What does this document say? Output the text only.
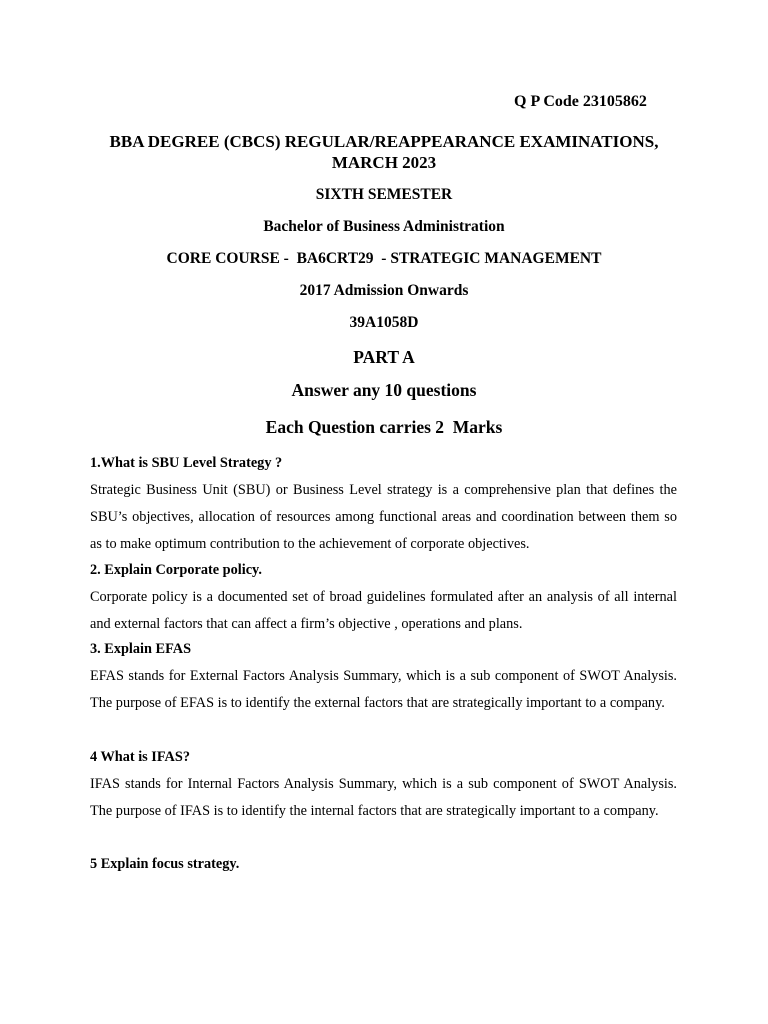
Q P Code 23105862
BBA DEGREE (CBCS) REGULAR/REAPPEARANCE EXAMINATIONS, MARCH 2023
SIXTH SEMESTER
Bachelor of Business Administration
CORE COURSE -  BA6CRT29  - STRATEGIC MANAGEMENT
2017 Admission Onwards
39A1058D
PART A
Answer any 10 questions
Each Question carries 2  Marks
1.What is SBU Level Strategy ?
Strategic Business Unit (SBU) or Business Level strategy is a comprehensive plan that defines the SBU’s objectives, allocation of resources among functional areas and coordination between them so as to make optimum contribution to the achievement of corporate objectives.
2. Explain Corporate policy.
Corporate policy is a documented set of broad guidelines formulated after an analysis of all internal and external factors that can affect a firm’s objective , operations and plans.
3. Explain EFAS
EFAS stands for External Factors Analysis Summary, which is a sub component of SWOT Analysis. The purpose of EFAS is to identify the external factors that are strategically important to a company.
4 What is IFAS?
IFAS stands for Internal Factors Analysis Summary, which is a sub component of SWOT Analysis. The purpose of IFAS is to identify the internal factors that are strategically important to a company.
5 Explain focus strategy.
